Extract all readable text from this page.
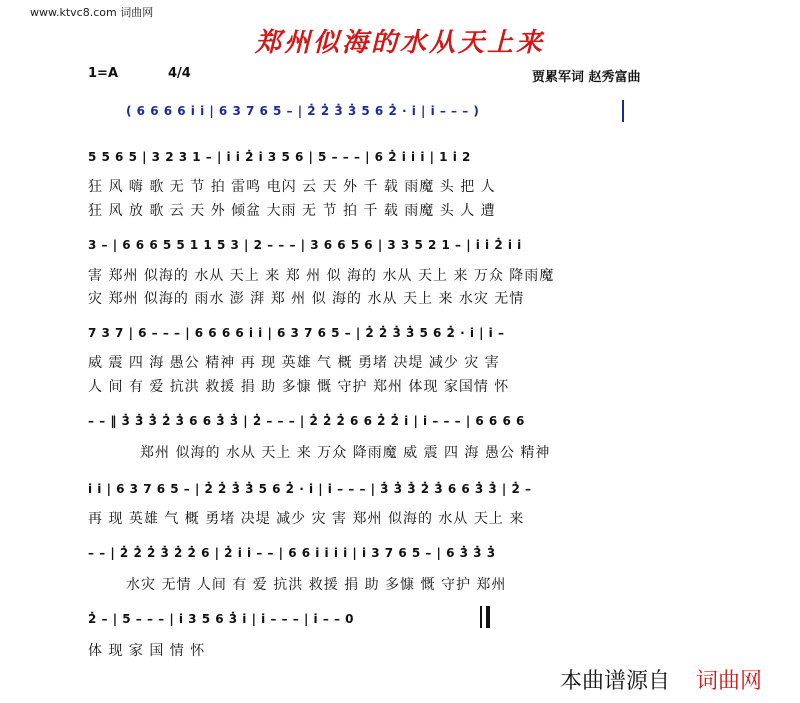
www.ktvc8.com 词曲网
郑州似海的水从天上来
1=A	4/4	贾累军词 赵秀富曲
( 6 6 6 6 i i | 6 3 7 6 5 – | 2̇ 2̇ 3̇ 3̇ 5 6 2̇ · i | i – – – )
5 5 6 5 | 3 2 3 1 – | i i 2̇ i 3 5 6 | 5 – – – | 6 2̇ i i i | 1 i 2
狂 风 嗨 歌 无 节 拍 雷鸣 电闪 云 天 外 千 载 雨魔 头 把 人
狂 风 放 歌 云 天 外 倾盆 大雨 无 节 拍 千 载 雨魔 头 人 遭
3 – | 6 6 6 5 5 1 1 5 3 | 2 – – – | 3 6 6 5 6 | 3 3 5 2 1 – | i i 2̇ i i
害 郑州 似海的 水从 天上 来 郑 州 似 海的 水从 天上 来 万众 降雨魔
灾 郑州 似海的 雨水 澎 湃 郑 州 似 海的 水从 天上 来 水灾 无情
7 3 7 | 6 – – – | 6 6 6 6 i i | 6 3 7 6 5 – | 2̇ 2̇ 3̇ 3̇ 5 6 2̇ · i | i –
威 震 四 海 愚公 精神 再 现 英雄 气 概 勇堵 决堤 减少 灾 害
人 间 有 爱 抗洪 救援 捐 助 多慷 慨 守护 郑州 体现 家国情 怀
– – ‖ 3̇ 3̇ 3̇ 2̇ 3̇ 6 6 3̇ 3̇ | 2̇ – – – | 2̇ 2̇ 2̇ 6 6 2̇ 2̇ i | i – – – | 6 6 6 6
郑州 似海的 水从 天上 来 万众 降雨魔 威 震 四 海 愚公 精神
i i | 6 3 7 6 5 – | 2̇ 2̇ 3̇ 3̇ 5 6 2̇ · i | i – – – | 3̇ 3̇ 3̇ 2̇ 3̇ 6 6 3̇ 3̇ | 2̇ –
再 现 英雄 气 概 勇堵 决堤 减少 灾 害 郑州 似海的 水从 天上 来
– – | 2̇ 2̇ 2̇ 3̇ 2̇ 2̇ 6 | 2̇ i i – – | 6 6 i i i i | i 3 7 6 5 – | 6 3̇ 3̇ 3̇
水灾 无情 人间 有 爱 抗洪 救援 捐 助 多慷 慨 守护 郑州
2̇ – | 5 – – – | i 3 5 6 3̇ i | i – – – | i – – 0
体 现 家 国 情 怀
本曲谱源自 词曲网
